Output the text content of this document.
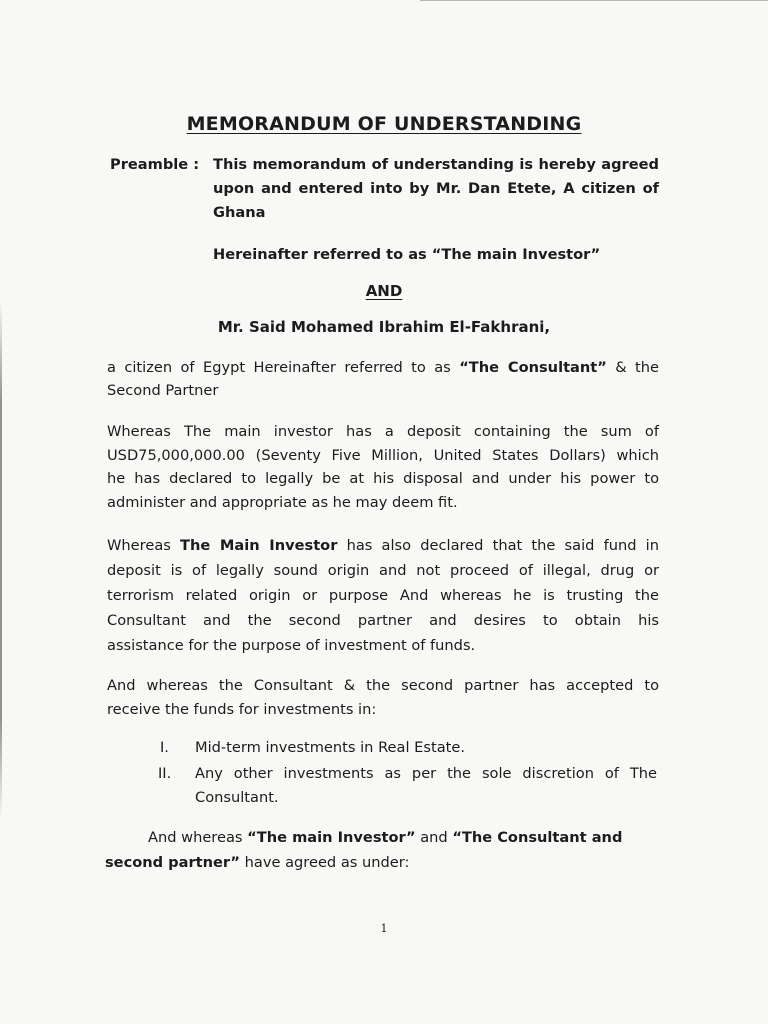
MEMORANDUM OF UNDERSTANDING
Preamble : This memorandum of understanding is hereby agreed
upon and entered into by Mr. Dan Etete, A citizen of
Ghana
Hereinafter referred to as “The main Investor”
AND
Mr. Said Mohamed Ibrahim El-Fakhrani,
a citizen of Egypt Hereinafter referred to as “The Consultant” & the
Second Partner
Whereas The main investor has a deposit containing the sum of
USD75,000,000.00 (Seventy Five Million, United States Dollars) which
he has declared to legally be at his disposal and under his power to
administer and appropriate as he may deem fit.
Whereas The Main Investor has also declared that the said fund in
deposit is of legally sound origin and not proceed of illegal, drug or
terrorism related origin or purpose And whereas he is trusting the
Consultant and the second partner and desires to obtain his
assistance for the purpose of investment of funds.
And whereas the Consultant & the second partner has accepted to
receive the funds for investments in:
I. Mid-term investments in Real Estate.
II. Any other investments as per the sole discretion of The
Consultant.
And whereas “The main Investor” and “The Consultant and
second partner” have agreed as under:
1
